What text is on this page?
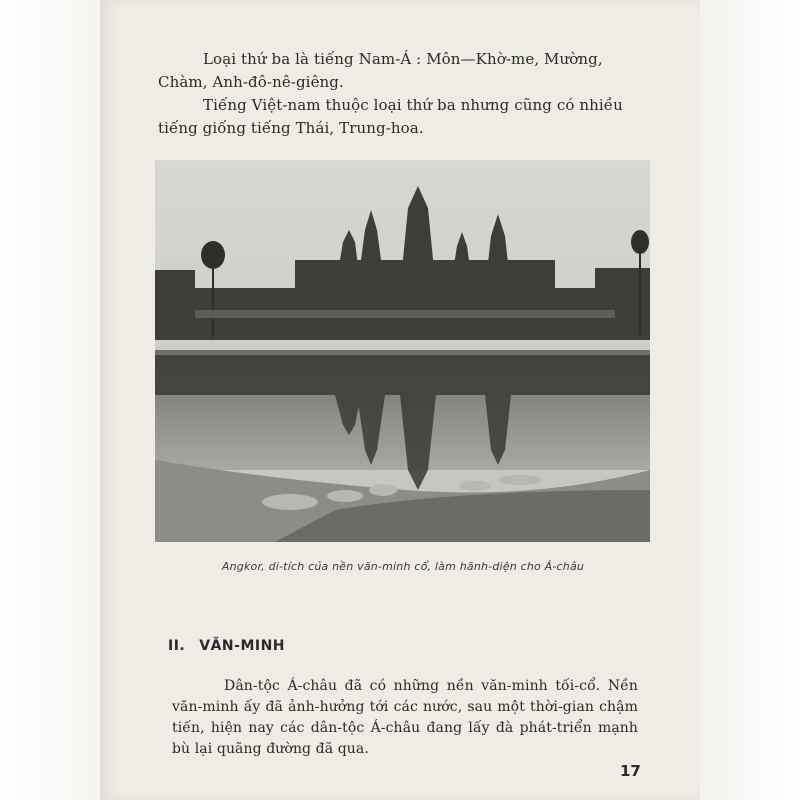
Loại thứ ba là tiếng Nam-Á : Môn—Khờ-me, Mường, Chàm, Anh-đô-nê-giêng.
Tiếng Việt-nam thuộc loại thứ ba nhưng cũng có nhiều tiếng giống tiếng Thái, Trung-hoa.
Angkor, di-tích của nền văn-minh cổ, làm hãnh-diện cho Á-châu
II. VĂN-MINH
Dân-tộc Á-châu đã có những nền văn-minh tối-cổ. Nền văn-minh ấy đã ảnh-hưởng tới các nước, sau một thời-gian chậm tiến, hiện nay các dân-tộc Á-châu đang lấy đà phát-triển mạnh bù lại quãng đường đã qua.
17
